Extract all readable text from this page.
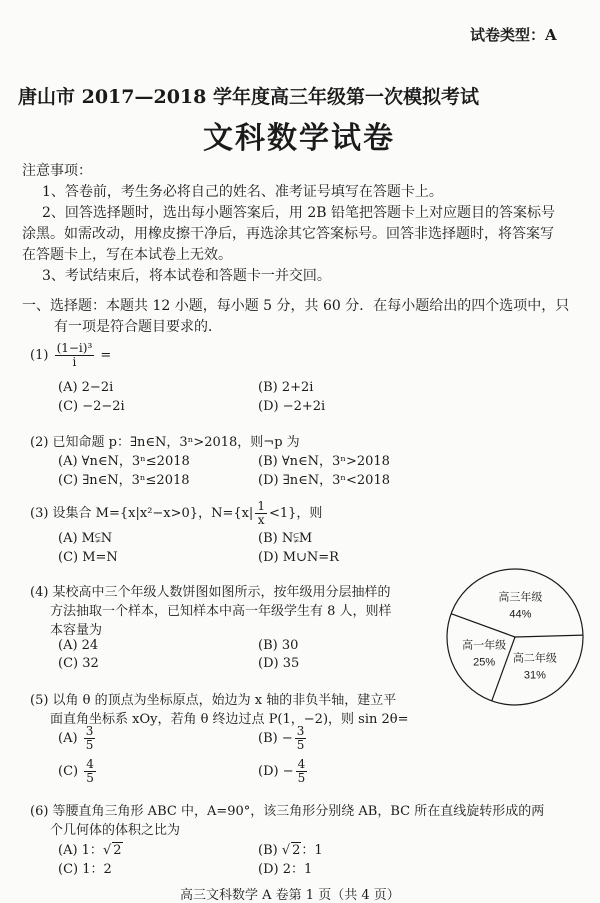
试卷类型：A
唐山市 2017—2018 学年度高三年级第一次模拟考试
文科数学试卷
注意事项：
1、答卷前，考生务必将自己的姓名、准考证号填写在答题卡上。
2、回答选择题时，选出每小题答案后，用 2B 铅笔把答题卡上对应题目的答案标号
涂黑。如需改动，用橡皮擦干净后，再选涂其它答案标号。回答非选择题时，将答案写
在答题卡上，写在本试卷上无效。
3、考试结束后，将本试卷和答题卡一并交回。
一、选择题：本题共 12 小题，每小题 5 分，共 60 分．在每小题给出的四个选项中，只
有一项是符合题目要求的．
$(1) \frac{\text{(1−i)³}}{i}$ =
(A) 2−2i	(B) 2+2i
(C) −2−2i	(D) −2+2i
(2) 已知命题 p：∃n∈N，3ⁿ>2018，则¬p 为
(A) ∀n∈N，3ⁿ≤2018	(B) ∀n∈N，3ⁿ>2018
(C) ∃n∈N，3ⁿ≤2018	(D) ∃n∈N，3ⁿ<2018
(3) 设集合 M={x|x²−x>0}，$N=\{x| \frac{1}{x} <1\}$，则
(A) M⫋N	(B) N⫋M
(C) M=N	(D) M∪N=R
(4) 某校高中三个年级人数饼图如图所示，按年级用分层抽样的
方法抽取一个样本，已知样本中高一年级学生有 8 人，则样
本容量为
(A) 24	(B) 30
(C) 32	(D) 35
高三年级
44%
高二年级
31%
高一年级
25%
(5) 以角 θ 的顶点为坐标原点，始边为 x 轴的非负半轴，建立平
面直角坐标系 xOy，若角 θ 终边过点 P(1，−2)，则 sin 2θ=
$(A) \frac{3}{5}$	$(B) - \frac{3}{5}$
$(C) \frac{4}{5}$	$(D) - \frac{4}{5}$
(6) 等腰直角三角形 ABC 中，A=90°，该三角形分别绕 AB，BC 所在直线旋转形成的两
个几何体的体积之比为
(A) 1：√ 2	(B) √ 2：1
(C) 1：2	(D) 2：1
高三文科数学 A 卷第 1 页（共 4 页）
